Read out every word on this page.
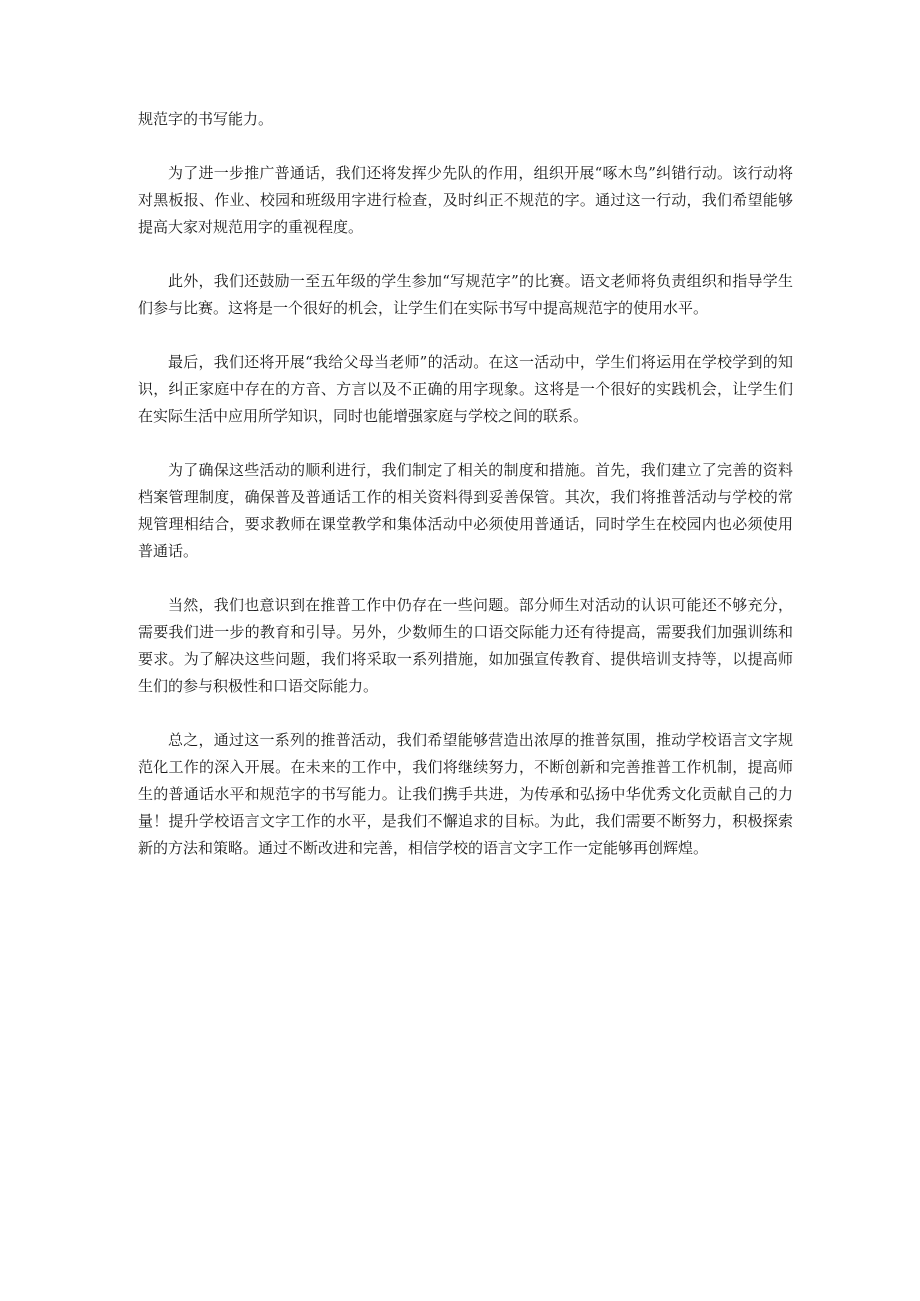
规范字的书写能力。

为了进一步推广普通话，我们还将发挥少先队的作用，组织开展“啄木鸟”纠错行动。该行动将对黑板报、作业、校园和班级用字进行检查，及时纠正不规范的字。通过这一行动，我们希望能够提高大家对规范用字的重视程度。

此外，我们还鼓励一至五年级的学生参加“写规范字”的比赛。语文老师将负责组织和指导学生们参与比赛。这将是一个很好的机会，让学生们在实际书写中提高规范字的使用水平。

最后，我们还将开展“我给父母当老师”的活动。在这一活动中，学生们将运用在学校学到的知识，纠正家庭中存在的方音、方言以及不正确的用字现象。这将是一个很好的实践机会，让学生们在实际生活中应用所学知识，同时也能增强家庭与学校之间的联系。

为了确保这些活动的顺利进行，我们制定了相关的制度和措施。首先，我们建立了完善的资料档案管理制度，确保普及普通话工作的相关资料得到妥善保管。其次，我们将推普活动与学校的常规管理相结合，要求教师在课堂教学和集体活动中必须使用普通话，同时学生在校园内也必须使用普通话。

当然，我们也意识到在推普工作中仍存在一些问题。部分师生对活动的认识可能还不够充分，需要我们进一步的教育和引导。另外，少数师生的口语交际能力还有待提高，需要我们加强训练和要求。为了解决这些问题，我们将采取一系列措施，如加强宣传教育、提供培训支持等，以提高师生们的参与积极性和口语交际能力。

总之，通过这一系列的推普活动，我们希望能够营造出浓厚的推普氛围，推动学校语言文字规范化工作的深入开展。在未来的工作中，我们将继续努力，不断创新和完善推普工作机制，提高师生的普通话水平和规范字的书写能力。让我们携手共进，为传承和弘扬中华优秀文化贡献自己的力量！提升学校语言文字工作的水平，是我们不懈追求的目标。为此，我们需要不断努力，积极探索新的方法和策略。通过不断改进和完善，相信学校的语言文字工作一定能够再创辉煌。
